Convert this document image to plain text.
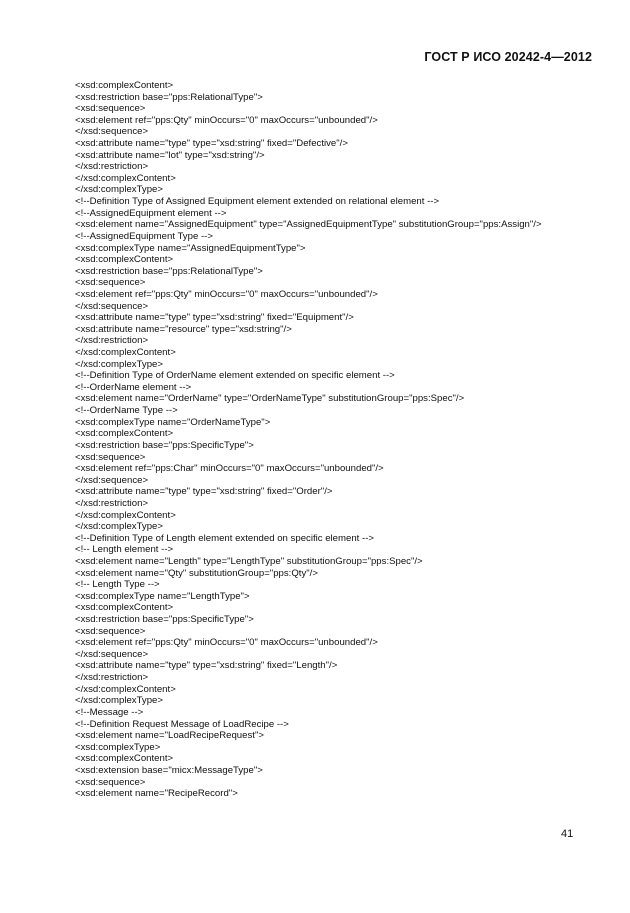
ГОСТ Р ИСО 20242-4—2012
<xsd:complexContent>
<xsd:restriction base="pps:RelationalType">
<xsd:sequence>
<xsd:element ref="pps:Qty" minOccurs="0" maxOccurs="unbounded"/>
</xsd:sequence>
<xsd:attribute name="type" type="xsd:string" fixed="Defective"/>
<xsd:attribute name="lot" type="xsd:string"/>
</xsd:restriction>
</xsd:complexContent>
</xsd:complexType>
<!--Definition Type of Assigned Equipment element extended on relational element -->
<!--AssignedEquipment element -->
<xsd:element name="AssignedEquipment" type="AssignedEquipmentType" substitutionGroup="pps:Assign"/>
<!--AssignedEquipment Type -->
<xsd:complexType name="AssignedEquipmentType">
<xsd:complexContent>
<xsd:restriction base="pps:RelationalType">
<xsd:sequence>
<xsd:element ref="pps:Qty" minOccurs="0" maxOccurs="unbounded"/>
</xsd:sequence>
<xsd:attribute name="type" type="xsd:string" fixed="Equipment"/>
<xsd:attribute name="resource" type="xsd:string"/>
</xsd:restriction>
</xsd:complexContent>
</xsd:complexType>
<!--Definition Type of OrderName element extended on specific element -->
<!--OrderName element -->
<xsd:element name="OrderName" type="OrderNameType" substitutionGroup="pps:Spec"/>
<!--OrderName Type -->
<xsd:complexType name="OrderNameType">
<xsd:complexContent>
<xsd:restriction base="pps:SpecificType">
<xsd:sequence>
<xsd:element ref="pps:Char" minOccurs="0" maxOccurs="unbounded"/>
</xsd:sequence>
<xsd:attribute name="type" type="xsd:string" fixed="Order"/>
</xsd:restriction>
</xsd:complexContent>
</xsd:complexType>
<!--Definition Type of Length element extended on specific element -->
<!-- Length element -->
<xsd:element name="Length" type="LengthType" substitutionGroup="pps:Spec"/>
<xsd:element name="Qty" substitutionGroup="pps:Qty"/>
<!-- Length Type -->
<xsd:complexType name="LengthType">
<xsd:complexContent>
<xsd:restriction base="pps:SpecificType">
<xsd:sequence>
<xsd:element ref="pps:Qty" minOccurs="0" maxOccurs="unbounded"/>
</xsd:sequence>
<xsd:attribute name="type" type="xsd:string" fixed="Length"/>
</xsd:restriction>
</xsd:complexContent>
</xsd:complexType>
<!--Message -->
<!--Definition Request Message of LoadRecipe -->
<xsd:element name="LoadRecipeRequest">
<xsd:complexType>
<xsd:complexContent>
<xsd:extension base="micx:MessageType">
<xsd:sequence>
<xsd:element name="RecipeRecord">
41
